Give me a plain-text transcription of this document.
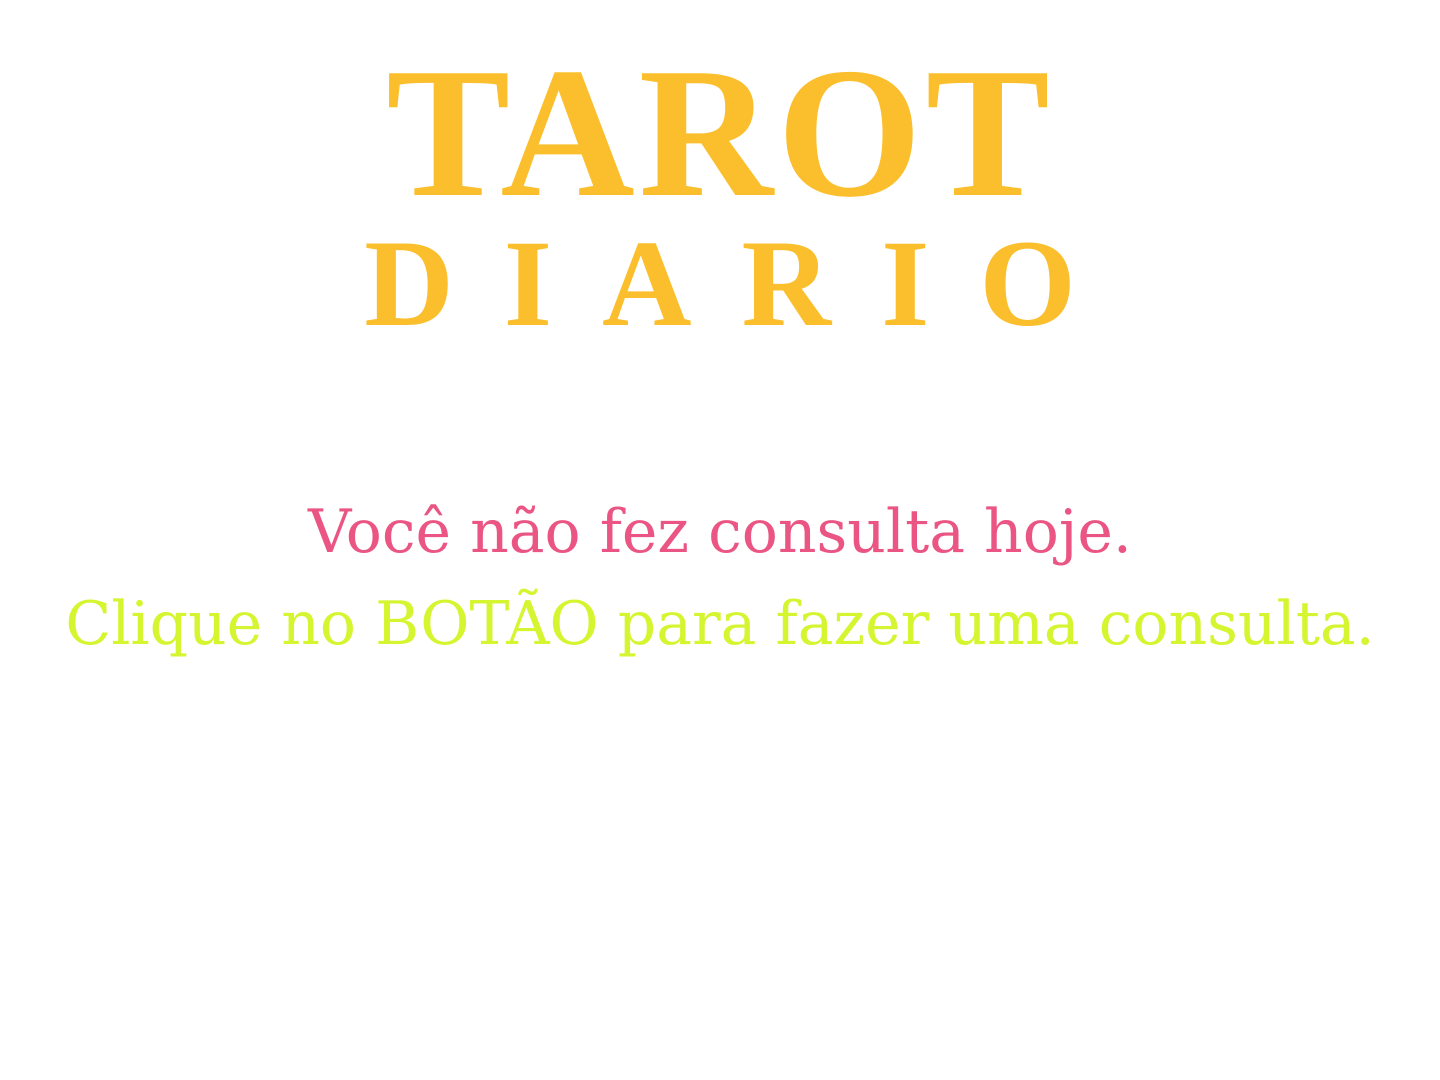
TAROT
DIARIO

Você não fez consulta hoje.

Clique no BOTÃO para fazer uma consulta.
